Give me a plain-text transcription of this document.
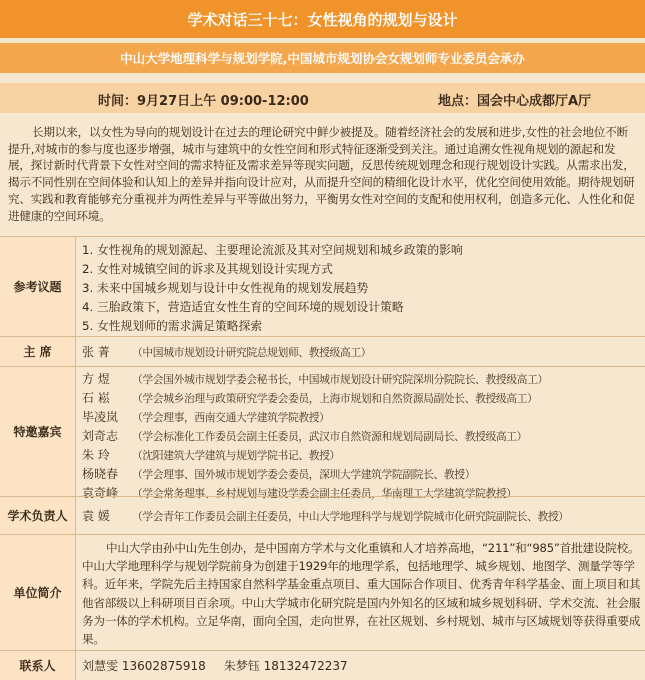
学术对话三十七：女性视角的规划与设计
中山大学地理科学与规划学院,中国城市规划协会女规划师专业委员会承办
时间：9月27日上午 09:00-12:00	地点：国会中心成都厅A厅
长期以来，以女性为导向的规划设计在过去的理论研究中鲜少被提及。随着经济社会的发展和进步,女性的社会地位不断提升,对城市的参与度也逐步增强，城市与建筑中的女性空间和形式特征逐渐受到关注。通过追溯女性视角规划的源起和发展，探讨新时代背景下女性对空间的需求特征及需求差异等现实问题，反思传统规划理念和现行规划设计实践。从需求出发，揭示不同性别在空间体验和认知上的差异并指向设计应对，从而提升空间的精细化设计水平，优化空间使用效能。期待规划研究、实践和教育能够充分重视并为两性差异与平等做出努力，平衡男女性对空间的支配和使用权利，创造多元化、人性化和促进健康的空间环境。
参考议题
1. 女性视角的规划源起、主要理论流派及其对空间规划和城乡政策的影响
2. 女性对城镇空间的诉求及其规划设计实现方式
3. 未来中国城乡规划与设计中女性视角的规划发展趋势
4. 三胎政策下，营造适宜女性生育的空间环境的规划设计策略
5. 女性规划师的需求满足策略探索
主 席	张 菁	（中国城市规划设计研究院总规划师、教授级高工）
特邀嘉宾
方 煜	（学会国外城市规划学委会秘书长，中国城市规划设计研究院深圳分院院长、教授级高工）
石 崧	（学会城乡治理与政策研究学委会委员，上海市规划和自然资源局副处长、教授级高工）
毕凌岚	（学会理事，西南交通大学建筑学院教授）
刘奇志	（学会标准化工作委员会副主任委员，武汉市自然资源和规划局副局长、教授级高工）
朱 玲	（沈阳建筑大学建筑与规划学院书记、教授）
杨晓春	（学会理事、国外城市规划学委会委员，深圳大学建筑学院副院长、教授）
袁奇峰	（学会常务理事、乡村规划与建设学委会副主任委员，华南理工大学建筑学院教授）
学术负责人	袁 媛	（学会青年工作委员会副主任委员，中山大学地理科学与规划学院城市化研究院副院长、教授）
单位简介
中山大学由孙中山先生创办，是中国南方学术与文化重镇和人才培养高地，“211”和“985”首批建设院校。中山大学地理科学与规划学院前身为创建于1929年的地理学系，包括地理学、城乡规划、地图学、测量学等学科。近年来，学院先后主持国家自然科学基金重点项目、重大国际合作项目、优秀青年科学基金、面上项目和其他省部级以上科研项目百余项。中山大学城市化研究院是国内外知名的区域和城乡规划科研、学术交流、社会服务为一体的学术机构。立足华南，面向全国，走向世界，在社区规划、乡村规划、城市与区域规划等获得重要成果。
联系人	刘慧雯 13602875918 朱梦钰 18132472237
